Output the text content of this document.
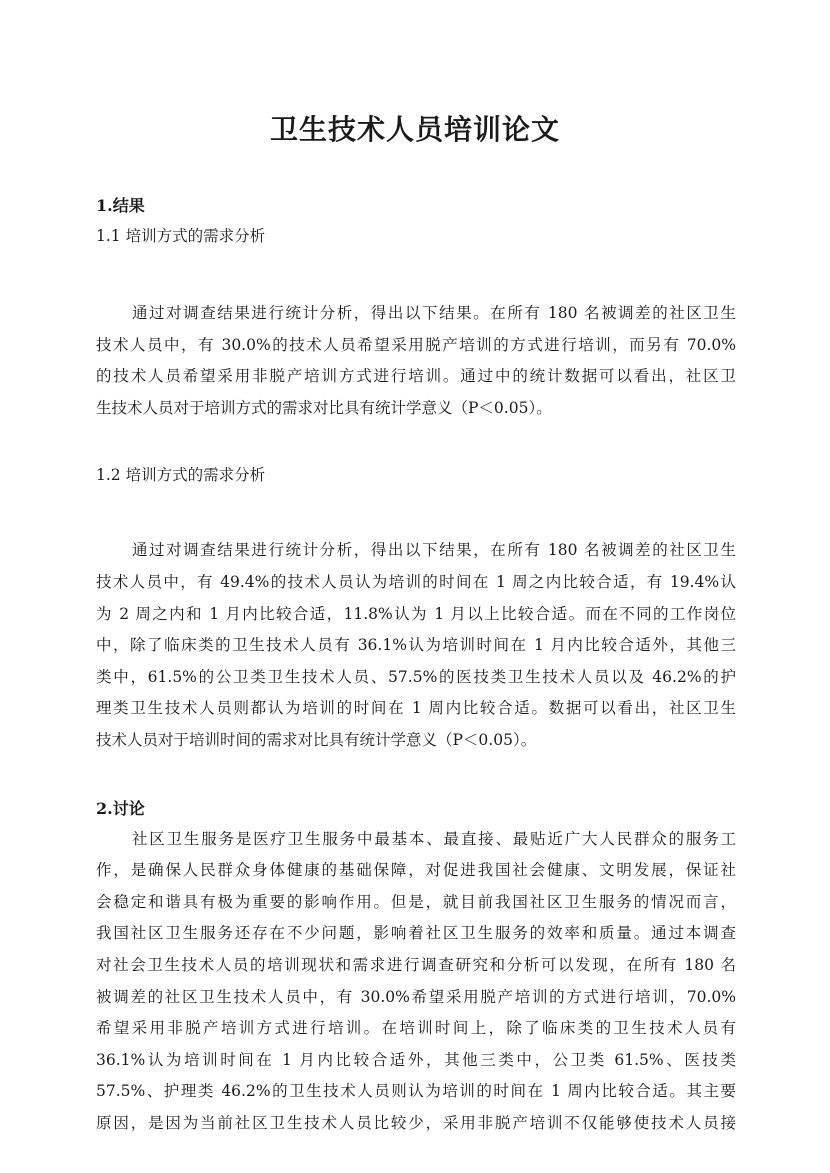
卫生技术人员培训论文

1.结果

1.1 培训方式的需求分析

通过对调查结果进行统计分析，得出以下结果。在所有 180 名被调差的社区卫生

技术人员中，有 30.0%的技术人员希望采用脱产培训的方式进行培训，而另有 70.0%

的技术人员希望采用非脱产培训方式进行培训。通过中的统计数据可以看出，社区卫

生技术人员对于培训方式的需求对比具有统计学意义（P＜0.05）。

1.2 培训方式的需求分析

通过对调查结果进行统计分析，得出以下结果，在所有 180 名被调差的社区卫生

技术人员中，有 49.4%的技术人员认为培训的时间在 1 周之内比较合适，有 19.4%认

为 2 周之内和 1 月内比较合适，11.8%认为 1 月以上比较合适。而在不同的工作岗位

中，除了临床类的卫生技术人员有 36.1%认为培训时间在 1 月内比较合适外，其他三

类中，61.5%的公卫类卫生技术人员、57.5%的医技类卫生技术人员以及 46.2%的护

理类卫生技术人员则都认为培训的时间在 1 周内比较合适。数据可以看出，社区卫生

技术人员对于培训时间的需求对比具有统计学意义（P＜0.05）。

2.讨论

社区卫生服务是医疗卫生服务中最基本、最直接、最贴近广大人民群众的服务工

作，是确保人民群众身体健康的基础保障，对促进我国社会健康、文明发展，保证社

会稳定和谐具有极为重要的影响作用。但是，就目前我国社区卫生服务的情况而言，

我国社区卫生服务还存在不少问题，影响着社区卫生服务的效率和质量。通过本调查

对社会卫生技术人员的培训现状和需求进行调查研究和分析可以发现，在所有 180 名

被调差的社区卫生技术人员中，有 30.0%希望采用脱产培训的方式进行培训，70.0%

希望采用非脱产培训方式进行培训。在培训时间上，除了临床类的卫生技术人员有

36.1%认为培训时间在 1 月内比较合适外，其他三类中，公卫类 61.5%、医技类

57.5%、护理类 46.2%的卫生技术人员则认为培训的时间在 1 周内比较合适。其主要

原因，是因为当前社区卫生技术人员比较少，采用非脱产培训不仅能够使技术人员接
